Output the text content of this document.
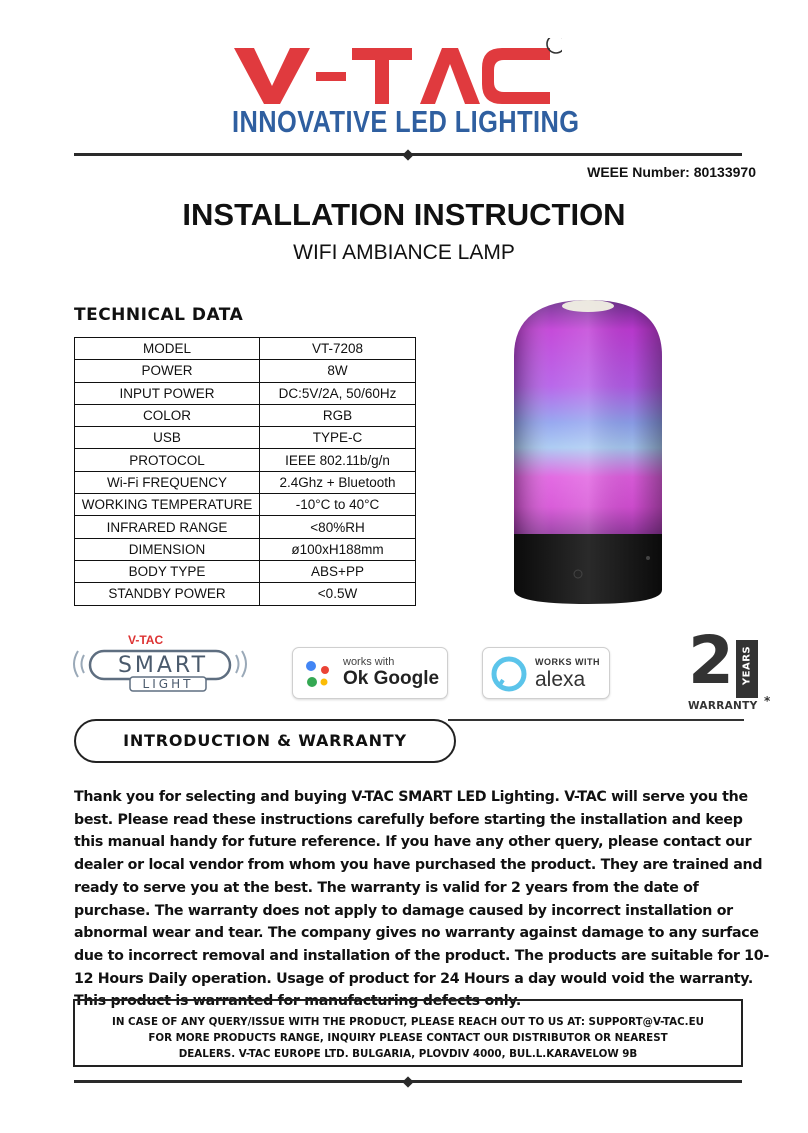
INNOVATIVE LED LIGHTING
WEEE Number: 80133970
INSTALLATION INSTRUCTION
WIFI AMBIANCE LAMP
TECHNICAL DATA
MODEL	VT-7208
POWER	8W
INPUT POWER	DC:5V/2A, 50/60Hz
COLOR	RGB
USB	TYPE-C
PROTOCOL	IEEE 802.11b/g/n
Wi-Fi FREQUENCY	2.4Ghz + Bluetooth
WORKING TEMPERATURE	-10°C to 40°C
INFRARED RANGE	<80%RH
DIMENSION	ø100xH188mm
BODY TYPE	ABS+PP
STANDBY POWER	<0.5W
V-TAC
SMART
LIGHT
works with
Ok Google
WORKS WITH
alexa 2 YEARS
WARRANTY *
INTRODUCTION & WARRANTY
Thank you for selecting and buying V-TAC SMART LED Lighting. V-TAC will serve you the best. Please read these instructions carefully before starting the installation and keep this manual handy for future reference. If you have any other query, please contact our dealer or local vendor from whom you have purchased the product. They are trained and ready to serve you at the best. The warranty is valid for 2 years from the date of purchase. The warranty does not apply to damage caused by incorrect installation or abnormal wear and tear. The company gives no warranty against damage to any surface due to incorrect removal and installation of the product. The products are suitable for 10-12 Hours Daily operation. Usage of product for 24 Hours a day would void the warranty. This product is warranted for manufacturing defects only.
IN CASE OF ANY QUERY/ISSUE WITH THE PRODUCT, PLEASE REACH OUT TO US AT: SUPPORT@V-TAC.EU
FOR MORE PRODUCTS RANGE, INQUIRY PLEASE CONTACT OUR DISTRIBUTOR OR NEAREST
DEALERS. V-TAC EUROPE LTD. BULGARIA, PLOVDIV 4000, BUL.L.KARAVELOW 9B
